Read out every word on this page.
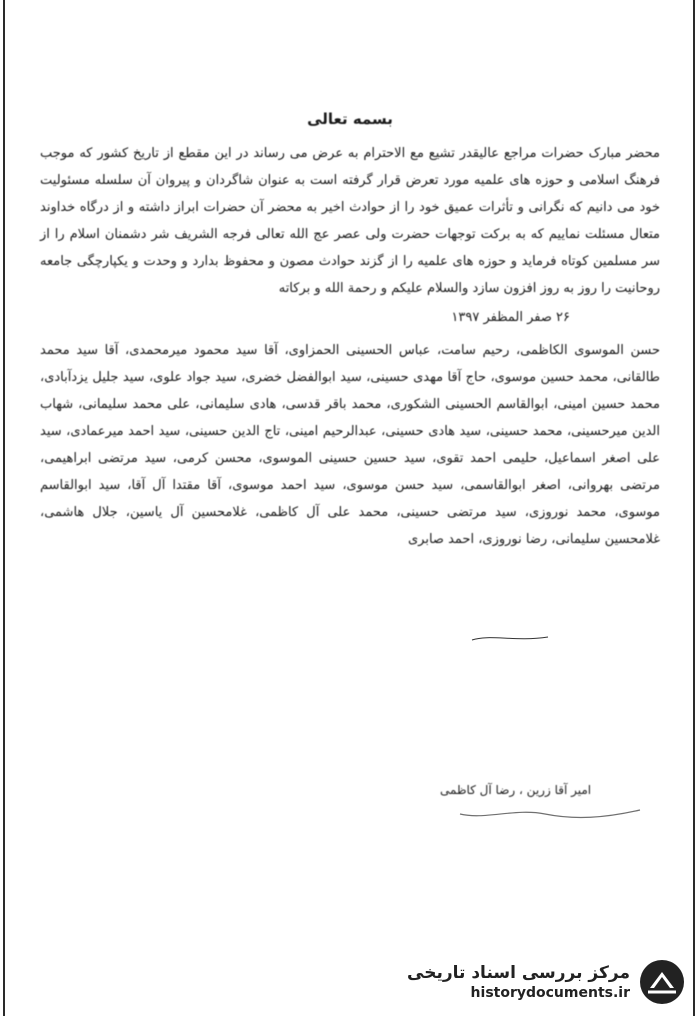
بسمه تعالی
محضر مبارک حضرات مراجع عالیقدر تشیع مع الاحترام به عرض می رساند در این مقطع از تاریخ کشور که موجب فرهنگ اسلامی و حوزه های علمیه مورد تعرض قرار گرفته است به عنوان شاگردان و پیروان آن سلسله مسئولیت خود می دانیم که نگرانی و تأثرات عمیق خود را از حوادث اخیر به محضر آن حضرات ابراز داشته و از درگاه خداوند متعال مسئلت نماییم که به برکت توجهات حضرت ولی عصر عج الله تعالی فرجه الشریف شر دشمنان اسلام را از سر مسلمین کوتاه فرماید و حوزه های علمیه را از گزند حوادث مصون و محفوظ بدارد و وحدت و یکپارچگی جامعه روحانیت را روز به روز افزون سازد والسلام علیکم و رحمة الله و برکاته
۲۶ صفر المظفر ۱۳۹۷
حسن الموسوی الكاظمی، رحیم سامت، عباس الحسینی الحمزاوی، آقا سید محمود میرمحمدی، آقا سید محمد طالقانی، محمد حسین موسوی، حاج آقا مهدی حسینی، سید ابوالفضل خضری، سید جواد علوی، سید جلیل یزدآبادی، محمد حسین امینی، ابوالقاسم الحسینی الشکوری، محمد باقر قدسی، هادی سلیمانی، علی محمد سلیمانی، شهاب الدین میرحسینی، محمد حسینی، سید هادی حسینی، عبدالرحیم امینی، تاج الدین حسینی، سید احمد میرعمادی، سید علی اصغر اسماعیل، حلیمی احمد تقوی، سید حسین حسینی الموسوی، محسن کرمی، سید مرتضی ابراهیمی، مرتضی بهروانی، اصغر ابوالقاسمی، سید حسن موسوی، سید احمد موسوی، آقا مقتدا آل آقا، سید ابوالقاسم موسوی، محمد نوروزی، سید مرتضی حسینی، محمد علی آل کاظمی، غلامحسین آل یاسین، جلال هاشمی، غلامحسین سلیمانی، رضا نوروزی، احمد صابری
امیر آقا زرین ، رضا آل کاظمی
مرکز بررسی اسناد تاریخی
historydocuments.ir
